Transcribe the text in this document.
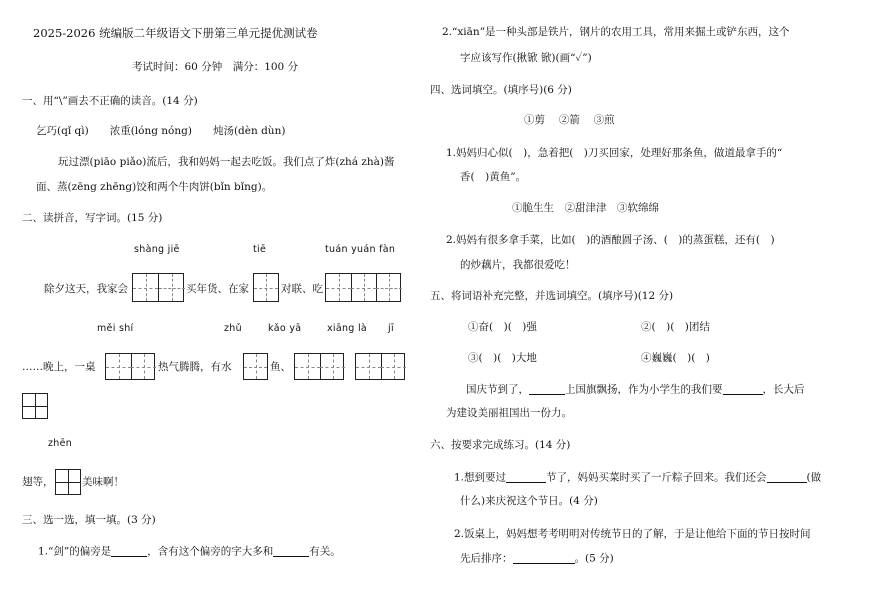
2025-2026 统编版二年级语文下册第三单元提优测试卷
考试时间：60 分钟　满分：100 分
一、用“\”画去不正确的读音。(14 分)
乞巧(qǐ qì)　　浓重(lóng nóng)　　炖汤(dèn dùn)
玩过漂(piāo piǎo)流后，我和妈妈一起去吃饭。我们点了炸(zhá zhà)酱
面、蒸(zēng zhēng)饺和两个牛肉饼(bǐn bǐng)。
二、读拼音，写字词。(15 分)
shàng jiē	tiē	tuán yuán fàn
除夕这天，我家会	买年货、在家	对联、吃
měi shí	zhǔ	kǎo yā	xiāng là jī
……晚上，一桌	热气腾腾，有水	鱼、
zhēn
翅等，	美味啊！
三、选一选，填一填。(3 分)
1.“剑”的偏旁是	，含有这个偏旁的字大多和	有关。
2.“xiān”是一种头部是铁片，钢片的农用工具，常用来掘土或铲东西，这个
字应该写作(揪锨 锨)(画“✓”)
四、选词填空。(填序号)(6 分)
①剪　 ②箭　 ③煎
1.妈妈归心似(　)，急着把(　)刀买回家，处理好那条鱼，做道最拿手的“
香(　)黄鱼”。
①脆生生　②甜津津　③软绵绵
2.妈妈有很多拿手菜，比如(　)的酒酿圆子汤、(　)的蒸蛋糕，还有(　)
的炒藕片，我都很爱吃！
五、将词语补充完整，并选词填空。(填序号)(12 分)
①奋(　)(　)强	②(　)(　)团结
③(　)(　)大地	④巍巍(　)(　)
国庆节到了，	上国旗飘扬，作为小学生的我们要	，长大后
为建设美丽祖国出一份力。
六、按要求完成练习。(14 分)
1.想到要过	节了，妈妈买菜时买了一斤粽子回来。我们还会	(做
什么)来庆祝这个节日。(4 分)
2.饭桌上，妈妈想考考明明对传统节日的了解，于是让他给下面的节日按时间
先后排序：	。(5 分)
